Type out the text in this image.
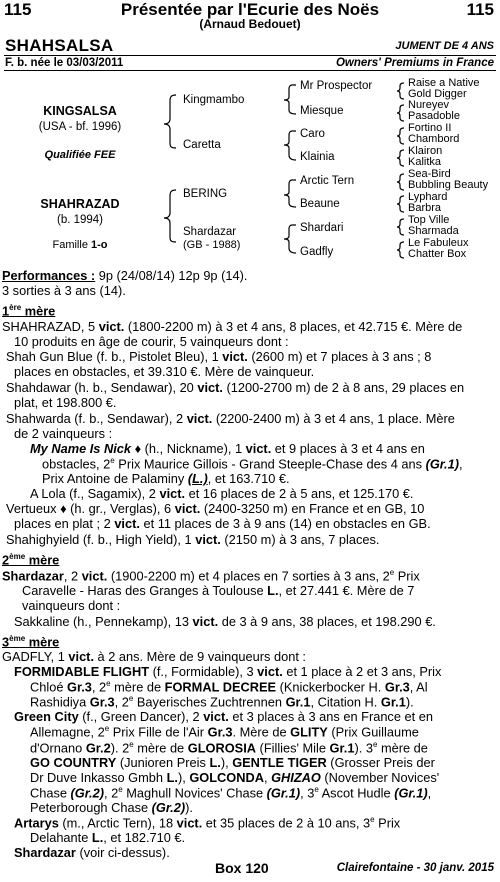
115	Présentée par l'Ecurie des Noës	115
(Arnaud Bedouet)
SHAHSALSA	JUMENT DE 4 ANS
F. b. née le 03/03/2011	Owners' Premiums in France
KINGSALSA
(USA - bf. 1996)
Qualifiée FEE
SHAHRAZAD
(b. 1994)
Famille 1-o
Kingmambo
Caretta
BERING
Shardazar
(GB - 1988)
Mr Prospector
Miesque
Caro
Klainia
Arctic Tern
Beaune
Shardari
Gadfly
Raise a Native
Gold Digger
Nureyev
Pasadoble
Fortino II
Chambord
Klairon
Kalitka
Sea-Bird
Bubbling Beauty
Lyphard
Barbra
Top Ville
Sharmada
Le Fabuleux
Chatter Box
Performances : 9p (24/08/14) 12p 9p (14).
3 sorties à 3 ans (14).
1ère mère
SHAHRAZAD, 5 vict. (1800-2200 m) à 3 et 4 ans, 8 places, et 42.715 €. Mère de
10 produits en âge de courir, 5 vainqueurs dont :
Shah Gun Blue (f. b., Pistolet Bleu), 1 vict. (2600 m) et 7 places à 3 ans ; 8
places en obstacles, et 39.310 €. Mère de vainqueur.
Shahdawar (h. b., Sendawar), 20 vict. (1200-2700 m) de 2 à 8 ans, 29 places en
plat, et 198.800 €.
Shahwarda (f. b., Sendawar), 2 vict. (2200-2400 m) à 3 et 4 ans, 1 place. Mère
de 2 vainqueurs :
My Name Is Nick ♦ (h., Nickname), 1 vict. et 9 places à 3 et 4 ans en
obstacles, 2e Prix Maurice Gillois - Grand Steeple-Chase des 4 ans (Gr.1),
Prix Antoine de Palaminy (L.), et 163.710 €.
A Lola (f., Sagamix), 2 vict. et 16 places de 2 à 5 ans, et 125.170 €.
Vertueux ♦ (h. gr., Verglas), 6 vict. (2400-3250 m) en France et en GB, 10
places en plat ; 2 vict. et 11 places de 3 à 9 ans (14) en obstacles en GB.
Shahighyield (f. b., High Yield), 1 vict. (2150 m) à 3 ans, 7 places.
2ème mère
Shardazar, 2 vict. (1900-2200 m) et 4 places en 7 sorties à 3 ans, 2e Prix
Caravelle - Haras des Granges à Toulouse L., et 27.441 €. Mère de 7
vainqueurs dont :
Sakkaline (h., Pennekamp), 13 vict. de 3 à 9 ans, 38 places, et 198.290 €.
3ème mère
GADFLY, 1 vict. à 2 ans. Mère de 9 vainqueurs dont :
FORMIDABLE FLIGHT (f., Formidable), 3 vict. et 1 place à 2 et 3 ans, Prix
Chloé Gr.3, 2e mère de FORMAL DECREE (Knickerbocker H. Gr.3, Al
Rashidiya Gr.3, 2e Bayerisches Zuchtrennen Gr.1, Citation H. Gr.1).
Green City (f., Green Dancer), 2 vict. et 3 places à 3 ans en France et en
Allemagne, 2e Prix Fille de l'Air Gr.3. Mère de GLITY (Prix Guillaume
d'Ornano Gr.2). 2e mère de GLOROSIA (Fillies' Mile Gr.1). 3e mère de
GO COUNTRY (Junioren Preis L.), GENTLE TIGER (Grosser Preis der
Dr Duve Inkasso Gmbh L.), GOLCONDA, GHIZAO (November Novices'
Chase (Gr.2), 2e Maghull Novices' Chase (Gr.1), 3e Ascot Hudle (Gr.1),
Peterborough Chase (Gr.2)).
Artarys (m., Arctic Tern), 18 vict. et 35 places de 2 à 10 ans, 3e Prix
Delahante L., et 182.710 €.
Shardazar (voir ci-dessus).
Box 120	Clairefontaine - 30 janv. 2015
